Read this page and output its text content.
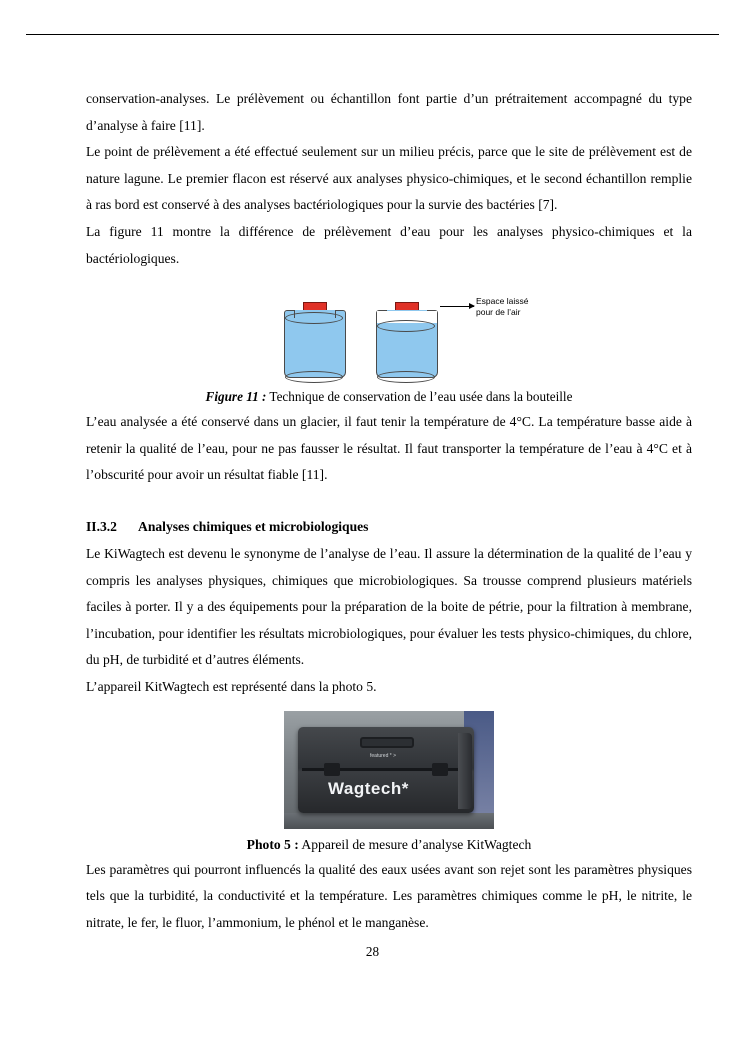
conservation-analyses. Le prélèvement ou échantillon font partie d’un prétraitement accompagné du type d’analyse à faire [11].

Le point de prélèvement a été effectué seulement sur un milieu précis, parce que le site de prélèvement est de nature lagune. Le premier flacon est réservé aux analyses physico-chimiques, et le second échantillon remplie à ras bord est conservé à des analyses bactériologiques pour la survie des bactéries [7].

La figure 11 montre la différence de prélèvement d’eau pour les analyses physico-chimiques et la bactériologiques.

Espace laissé
pour de l’air
Figure 11 : Technique de conservation de l’eau usée dans la bouteille

L’eau analysée a été conservé dans un glacier, il faut tenir la température de 4°C. La température basse aide à retenir la qualité de l’eau, pour ne pas fausser le résultat. Il faut transporter la température de l’eau à 4°C et à l’obscurité pour avoir un résultat fiable [11].

II.3.2 Analyses chimiques et microbiologiques

Le KiWagtech est devenu le synonyme de l’analyse de l’eau. Il assure la détermination de la qualité de l’eau y compris les analyses physiques, chimiques que microbiologiques. Sa trousse comprend plusieurs matériels faciles à porter. Il y a des équipements pour la préparation de la boite de pétrie, pour la filtration à membrane, l’incubation, pour identifier les résultats microbiologiques, pour évaluer les tests physico-chimiques, du chlore, du pH, de turbidité et d’autres éléments.

L’appareil KitWagtech est représenté dans la photo 5.

featured * >
Wagtech*
Photo 5 : Appareil de mesure d’analyse KitWagtech

Les paramètres qui pourront influencés la qualité des eaux usées avant son rejet sont les paramètres physiques tels que la turbidité, la conductivité et la température. Les paramètres chimiques comme le pH, le nitrite, le nitrate, le fer, le fluor, l’ammonium, le phénol et le manganèse.

28
